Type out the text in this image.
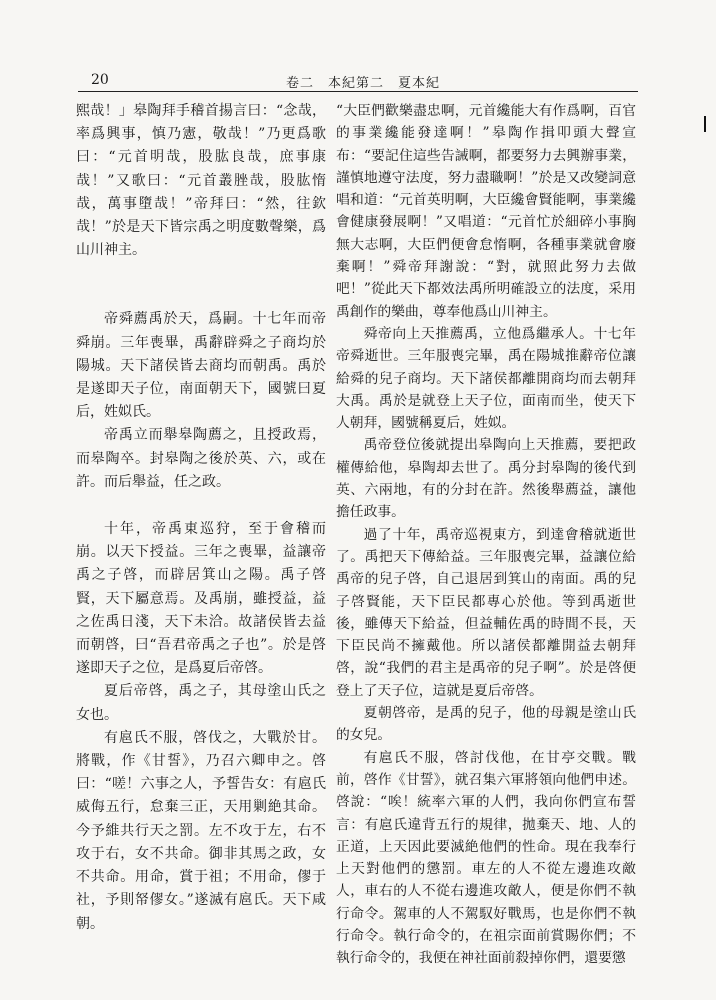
20	卷二　本紀第二　夏本紀

熙哉！」皋陶拜手稽首揚言曰：“念哉，率爲興事，慎乃憲，敬哉！”乃更爲歌曰：“元首明哉，股肱良哉，庶事康哉！”又歌曰：“元首叢脞哉，股肱惰哉，萬事墮哉！”帝拜曰：“然，往欽哉！”於是天下皆宗禹之明度數聲樂，爲山川神主。

帝舜薦禹於天，爲嗣。十七年而帝舜崩。三年喪畢，禹辭辟舜之子商均於陽城。天下諸侯皆去商均而朝禹。禹於是遂即天子位，南面朝天下，國號曰夏后，姓姒氏。

帝禹立而舉皋陶薦之，且授政焉，而皋陶卒。封皋陶之後於英、六，或在許。而后舉益，任之政。

十年，帝禹東巡狩，至于會稽而崩。以天下授益。三年之喪畢，益讓帝禹之子啓，而辟居箕山之陽。禹子啓賢，天下屬意焉。及禹崩，雖授益，益之佐禹日淺，天下未洽。故諸侯皆去益而朝啓，曰“吾君帝禹之子也”。於是啓遂即天子之位，是爲夏后帝啓。

夏后帝啓，禹之子，其母塗山氏之女也。

有扈氏不服，啓伐之，大戰於甘。將戰，作《甘誓》，乃召六卿申之。啓曰：“嗟！六事之人，予誓告女：有扈氏威侮五行，怠棄三正，天用剿絶其命。今予維共行天之罰。左不攻于左，右不攻于右，女不共命。御非其馬之政，女不共命。用命，賞于祖；不用命，僇于社，予則帑僇女。”遂滅有扈氏。天下咸朝。

“大臣們歡樂盡忠啊，元首纔能大有作爲啊，百官的事業纔能發達啊！”皋陶作揖叩頭大聲宣布：“要記住這些告誡啊，都要努力去興辦事業，謹慎地遵守法度，努力盡職啊！”於是又改變詞意唱和道：“元首英明啊，大臣纔會賢能啊，事業纔會健康發展啊！”又唱道：“元首忙於細碎小事胸無大志啊，大臣們便會怠惰啊，各種事業就會廢棄啊！”舜帝拜謝說：“對，就照此努力去做吧！”從此天下都效法禹所明確設立的法度，采用禹創作的樂曲，尊奉他爲山川神主。

舜帝向上天推薦禹，立他爲繼承人。十七年帝舜逝世。三年服喪完畢，禹在陽城推辭帝位讓給舜的兒子商均。天下諸侯都離開商均而去朝拜大禹。禹於是就登上天子位，面南而坐，使天下人朝拜，國號稱夏后，姓姒。

禹帝登位後就提出皋陶向上天推薦，要把政權傳給他，皋陶却去世了。禹分封皋陶的後代到英、六兩地，有的分封在許。然後舉薦益，讓他擔任政事。

過了十年，禹帝巡視東方，到達會稽就逝世了。禹把天下傳給益。三年服喪完畢，益讓位給禹帝的兒子啓，自己退居到箕山的南面。禹的兒子啓賢能，天下臣民都專心於他。等到禹逝世後，雖傳天下給益，但益輔佐禹的時間不長，天下臣民尚不擁戴他。所以諸侯都離開益去朝拜啓，說“我們的君主是禹帝的兒子啊”。於是啓便登上了天子位，這就是夏后帝啓。

夏朝啓帝，是禹的兒子，他的母親是塗山氏的女兒。

有扈氏不服，啓討伐他，在甘亭交戰。戰前，啓作《甘誓》，就召集六軍將領向他們申述。啓說：“唉！統率六軍的人們，我向你們宣布誓言：有扈氏違背五行的規律，拋棄天、地、人的正道，上天因此要滅絶他們的性命。現在我奉行上天對他們的懲罰。車左的人不從左邊進攻敵人，車右的人不從右邊進攻敵人，便是你們不執行命令。駕車的人不駕馭好戰馬，也是你們不執行命令。執行命令的，在祖宗面前賞賜你們；不執行命令的，我便在神社面前殺掉你們，還要懲
